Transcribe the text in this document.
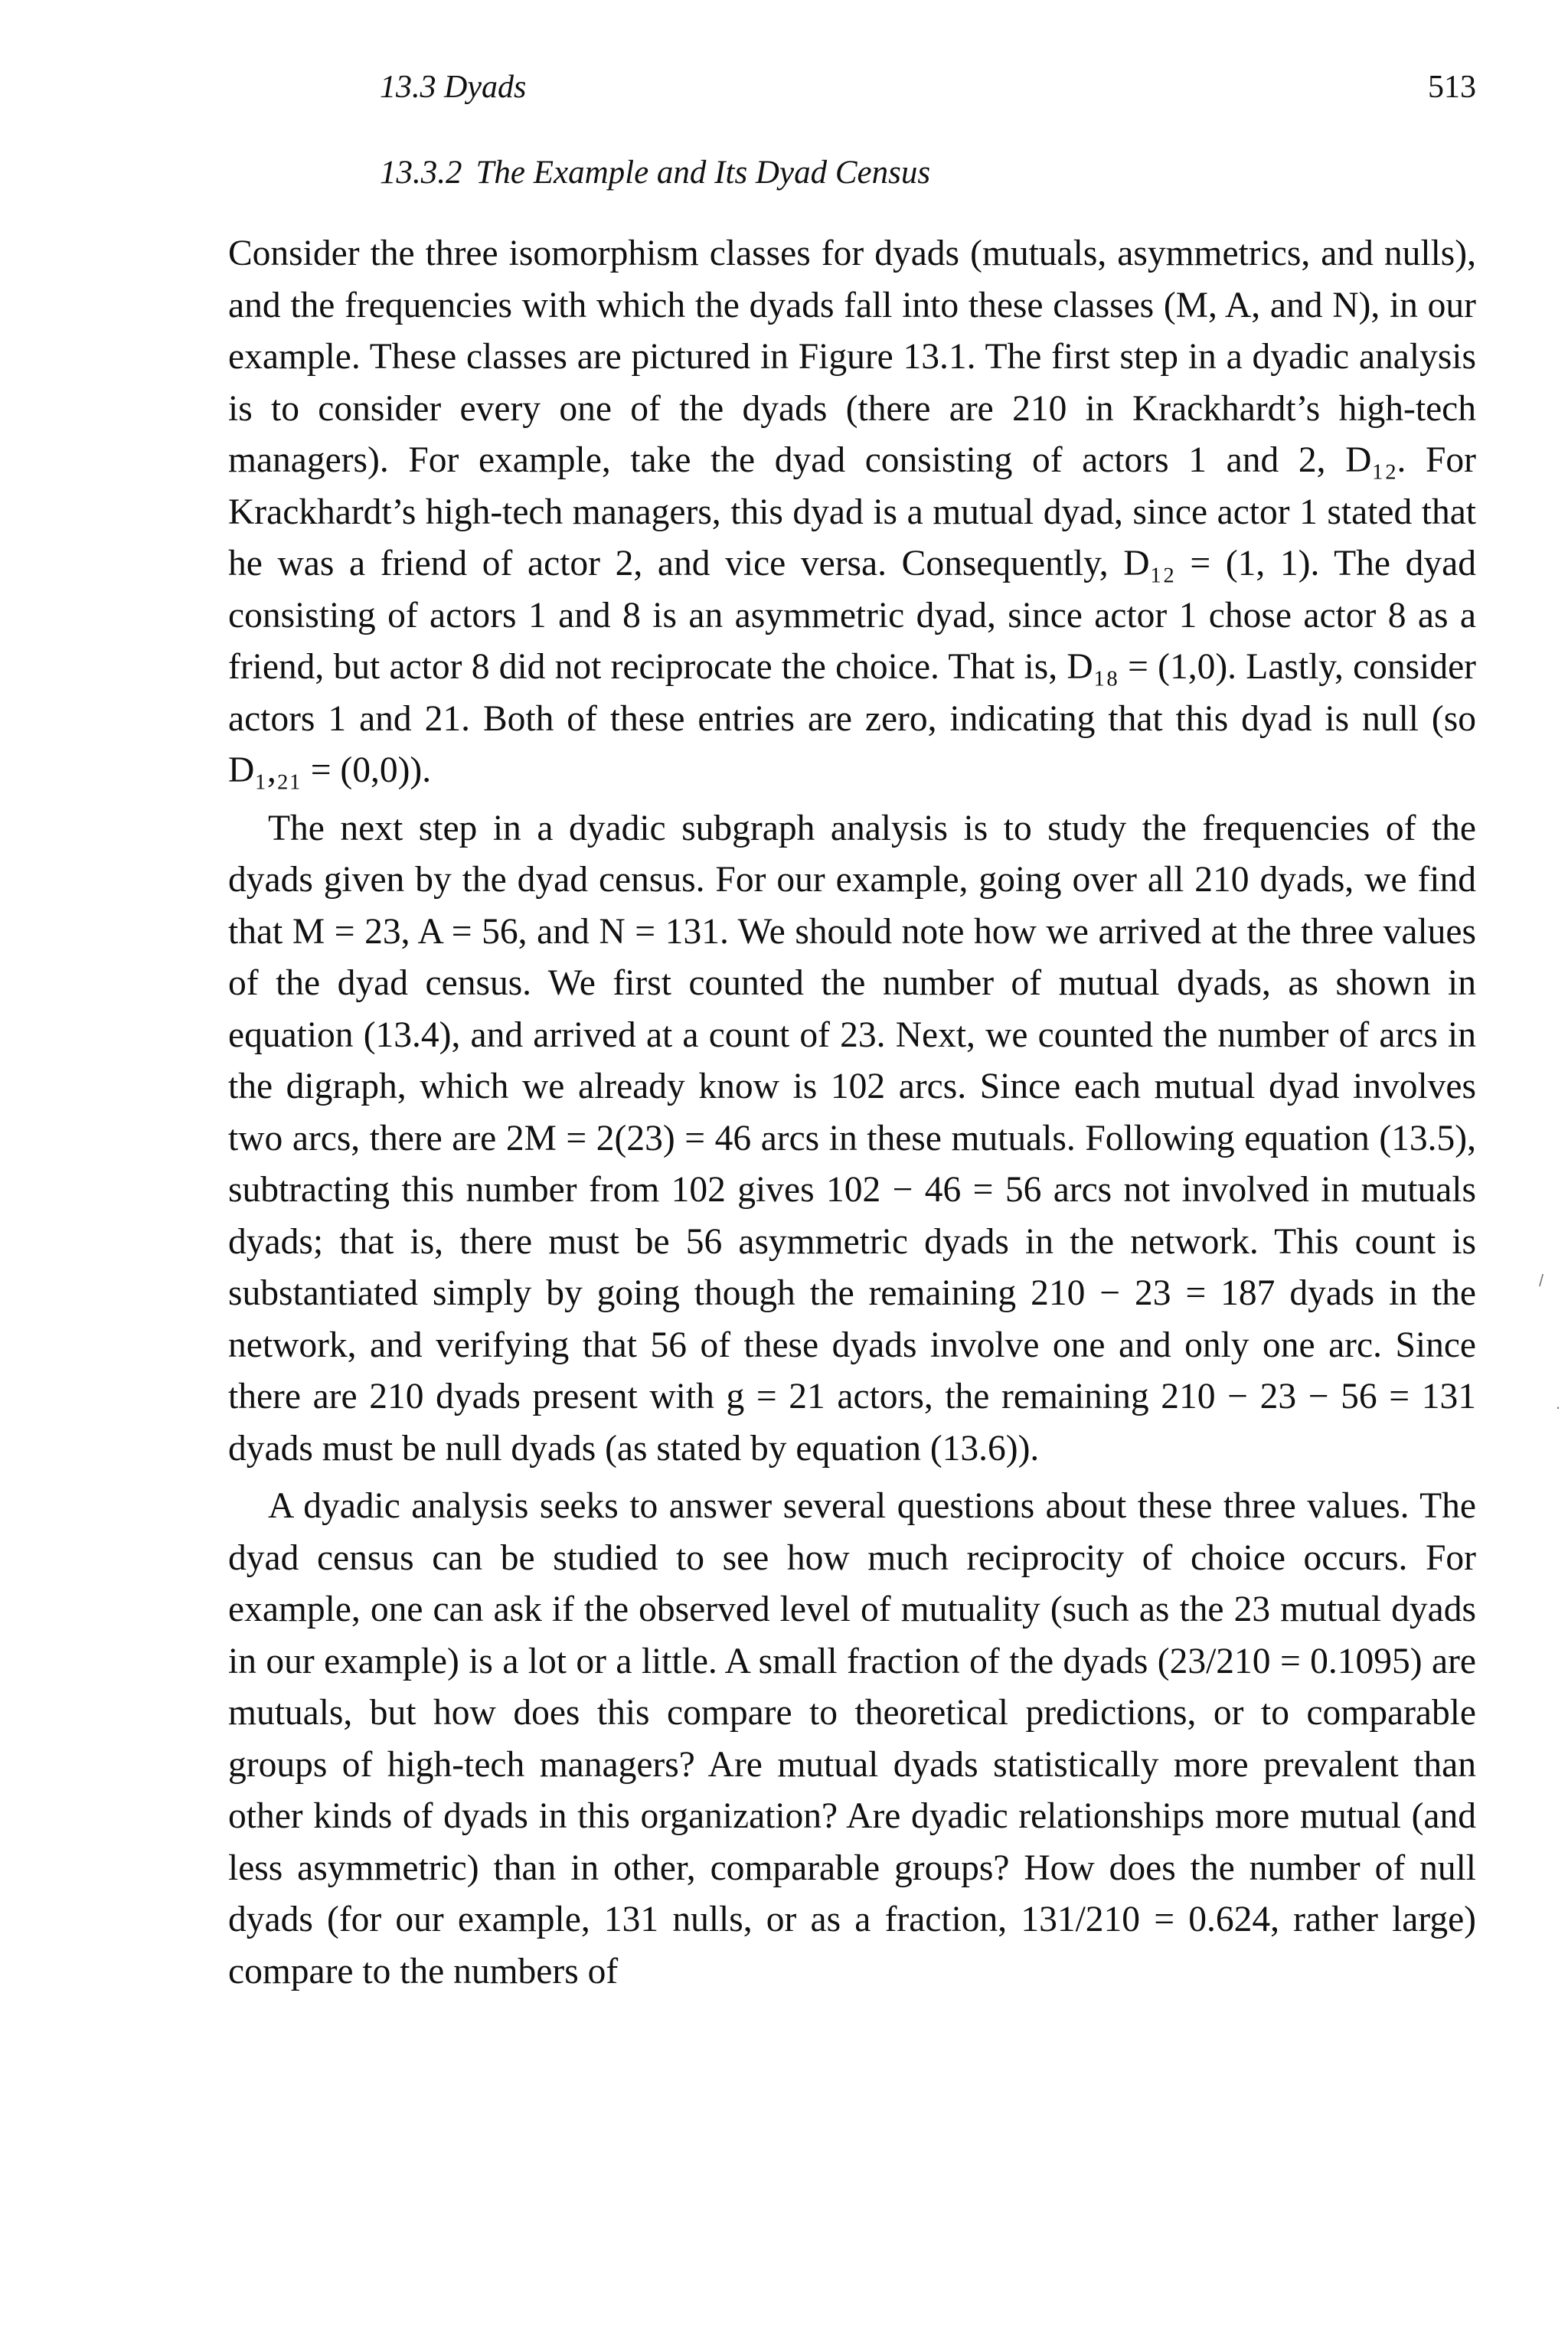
13.3 Dyads	513
13.3.2 The Example and Its Dyad Census

Consider the three isomorphism classes for dyads (mutuals, asymmetrics, and nulls), and the frequencies with which the dyads fall into these classes (M, A, and N), in our example. These classes are pictured in Figure 13.1. The first step in a dyadic analysis is to consider every one of the dyads (there are 210 in Krackhardt’s high-tech managers). For example, take the dyad consisting of actors 1 and 2, D₁₂. For Krackhardt’s high-tech managers, this dyad is a mutual dyad, since actor 1 stated that he was a friend of actor 2, and vice versa. Consequently, D₁₂ = (1, 1). The dyad consisting of actors 1 and 8 is an asymmetric dyad, since actor 1 chose actor 8 as a friend, but actor 8 did not reciprocate the choice. That is, D₁₈ = (1,0). Lastly, consider actors 1 and 21. Both of these entries are zero, indicating that this dyad is null (so D₁,₂₁ = (0,0)).

The next step in a dyadic subgraph analysis is to study the frequencies of the dyads given by the dyad census. For our example, going over all 210 dyads, we find that M = 23, A = 56, and N = 131. We should note how we arrived at the three values of the dyad census. We first counted the number of mutual dyads, as shown in equation (13.4), and arrived at a count of 23. Next, we counted the number of arcs in the digraph, which we already know is 102 arcs. Since each mutual dyad involves two arcs, there are 2M = 2(23) = 46 arcs in these mutuals. Following equation (13.5), subtracting this number from 102 gives 102 − 46 = 56 arcs not involved in mutuals dyads; that is, there must be 56 asymmetric dyads in the network. This count is substantiated simply by going though the remaining 210 − 23 = 187 dyads in the network, and verifying that 56 of these dyads involve one and only one arc. Since there are 210 dyads present with g = 21 actors, the remaining 210 − 23 − 56 = 131 dyads must be null dyads (as stated by equation (13.6)).

A dyadic analysis seeks to answer several questions about these three values. The dyad census can be studied to see how much reciprocity of choice occurs. For example, one can ask if the observed level of mutuality (such as the 23 mutual dyads in our example) is a lot or a little. A small fraction of the dyads (23/210 = 0.1095) are mutuals, but how does this compare to theoretical predictions, or to comparable groups of high-tech managers? Are mutual dyads statistically more prevalent than other kinds of dyads in this organization? Are dyadic relationships more mutual (and less asymmetric) than in other, comparable groups? How does the number of null dyads (for our example, 131 nulls, or as a fraction, 131/210 = 0.624, rather large) compare to the numbers of

/
.
